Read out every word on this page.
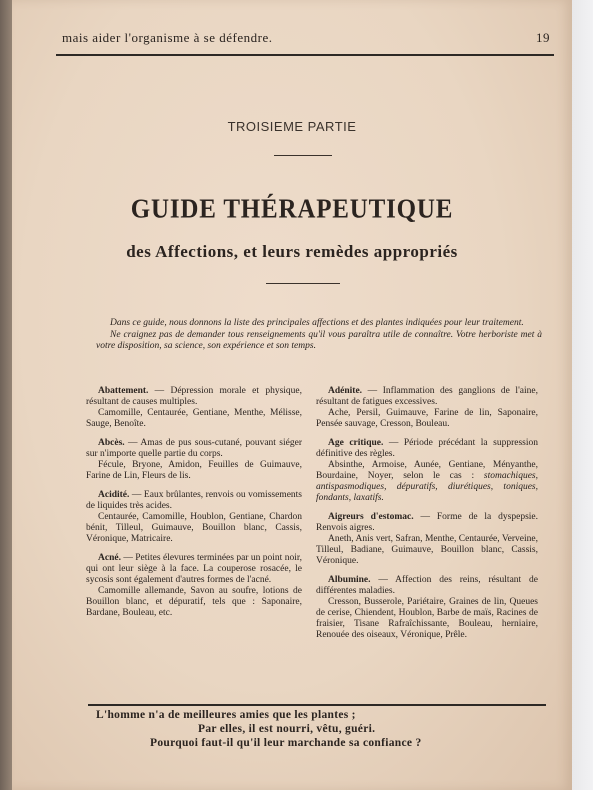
mais aider l'organisme à se défendre.	19
TROISIEME PARTIE
GUIDE THÉRAPEUTIQUE
des Affections, et leurs remèdes appropriés

Dans ce guide, nous donnons la liste des principales affections et des plantes indiquées pour leur traitement.

Ne craignez pas de demander tous renseignements qu'il vous paraîtra utile de connaître. Votre herboriste met à votre disposition, sa science, son expérience et son temps.

Abattement. — Dépression morale et physique, résultant de causes multiples.

Camomille, Centaurée, Gentiane, Menthe, Mélisse, Sauge, Benoîte.

Abcès. — Amas de pus sous-cutané, pouvant siéger sur n'importe quelle partie du corps.

Fécule, Bryone, Amidon, Feuilles de Guimauve, Farine de Lin, Fleurs de lis.

Acidité. — Eaux brûlantes, renvois ou vomissements de liquides très acides.

Centaurée, Camomille, Houblon, Gentiane, Chardon bénit, Tilleul, Guimauve, Bouillon blanc, Cassis, Véronique, Matricaire.

Acné. — Petites élevures terminées par un point noir, qui ont leur siège à la face. La couperose rosacée, le sycosis sont également d'autres formes de l'acné.

Camomille allemande, Savon au soufre, lotions de Bouillon blanc, et dépuratif, tels que : Saponaire, Bardane, Bouleau, etc.

Adénite. — Inflammation des ganglions de l'aine, résultant de fatigues excessives.

Ache, Persil, Guimauve, Farine de lin, Saponaire, Pensée sauvage, Cresson, Bouleau.

Age critique. — Période précédant la suppression définitive des règles.

Absinthe, Armoise, Aunée, Gentiane, Ményanthe, Bourdaine, Noyer, selon le cas : stomachiques, antispasmodiques, dépuratifs, diurétiques, toniques, fondants, laxatifs.

Aigreurs d'estomac. — Forme de la dyspepsie. Renvois aigres.

Aneth, Anis vert, Safran, Menthe, Centaurée, Verveine, Tilleul, Badiane, Guimauve, Bouillon blanc, Cassis, Véronique.

Albumine. — Affection des reins, résultant de différentes maladies.

Cresson, Busserole, Pariétaire, Graines de lin, Queues de cerise, Chiendent, Houblon, Barbe de maïs, Racines de fraisier, Tisane Rafraîchissante, Bouleau, herniaire, Renouée des oiseaux, Véronique, Prêle.

L'homme n'a de meilleures amies que les plantes ;
Par elles, il est nourri, vêtu, guéri.
Pourquoi faut-il qu'il leur marchande sa confiance ?
